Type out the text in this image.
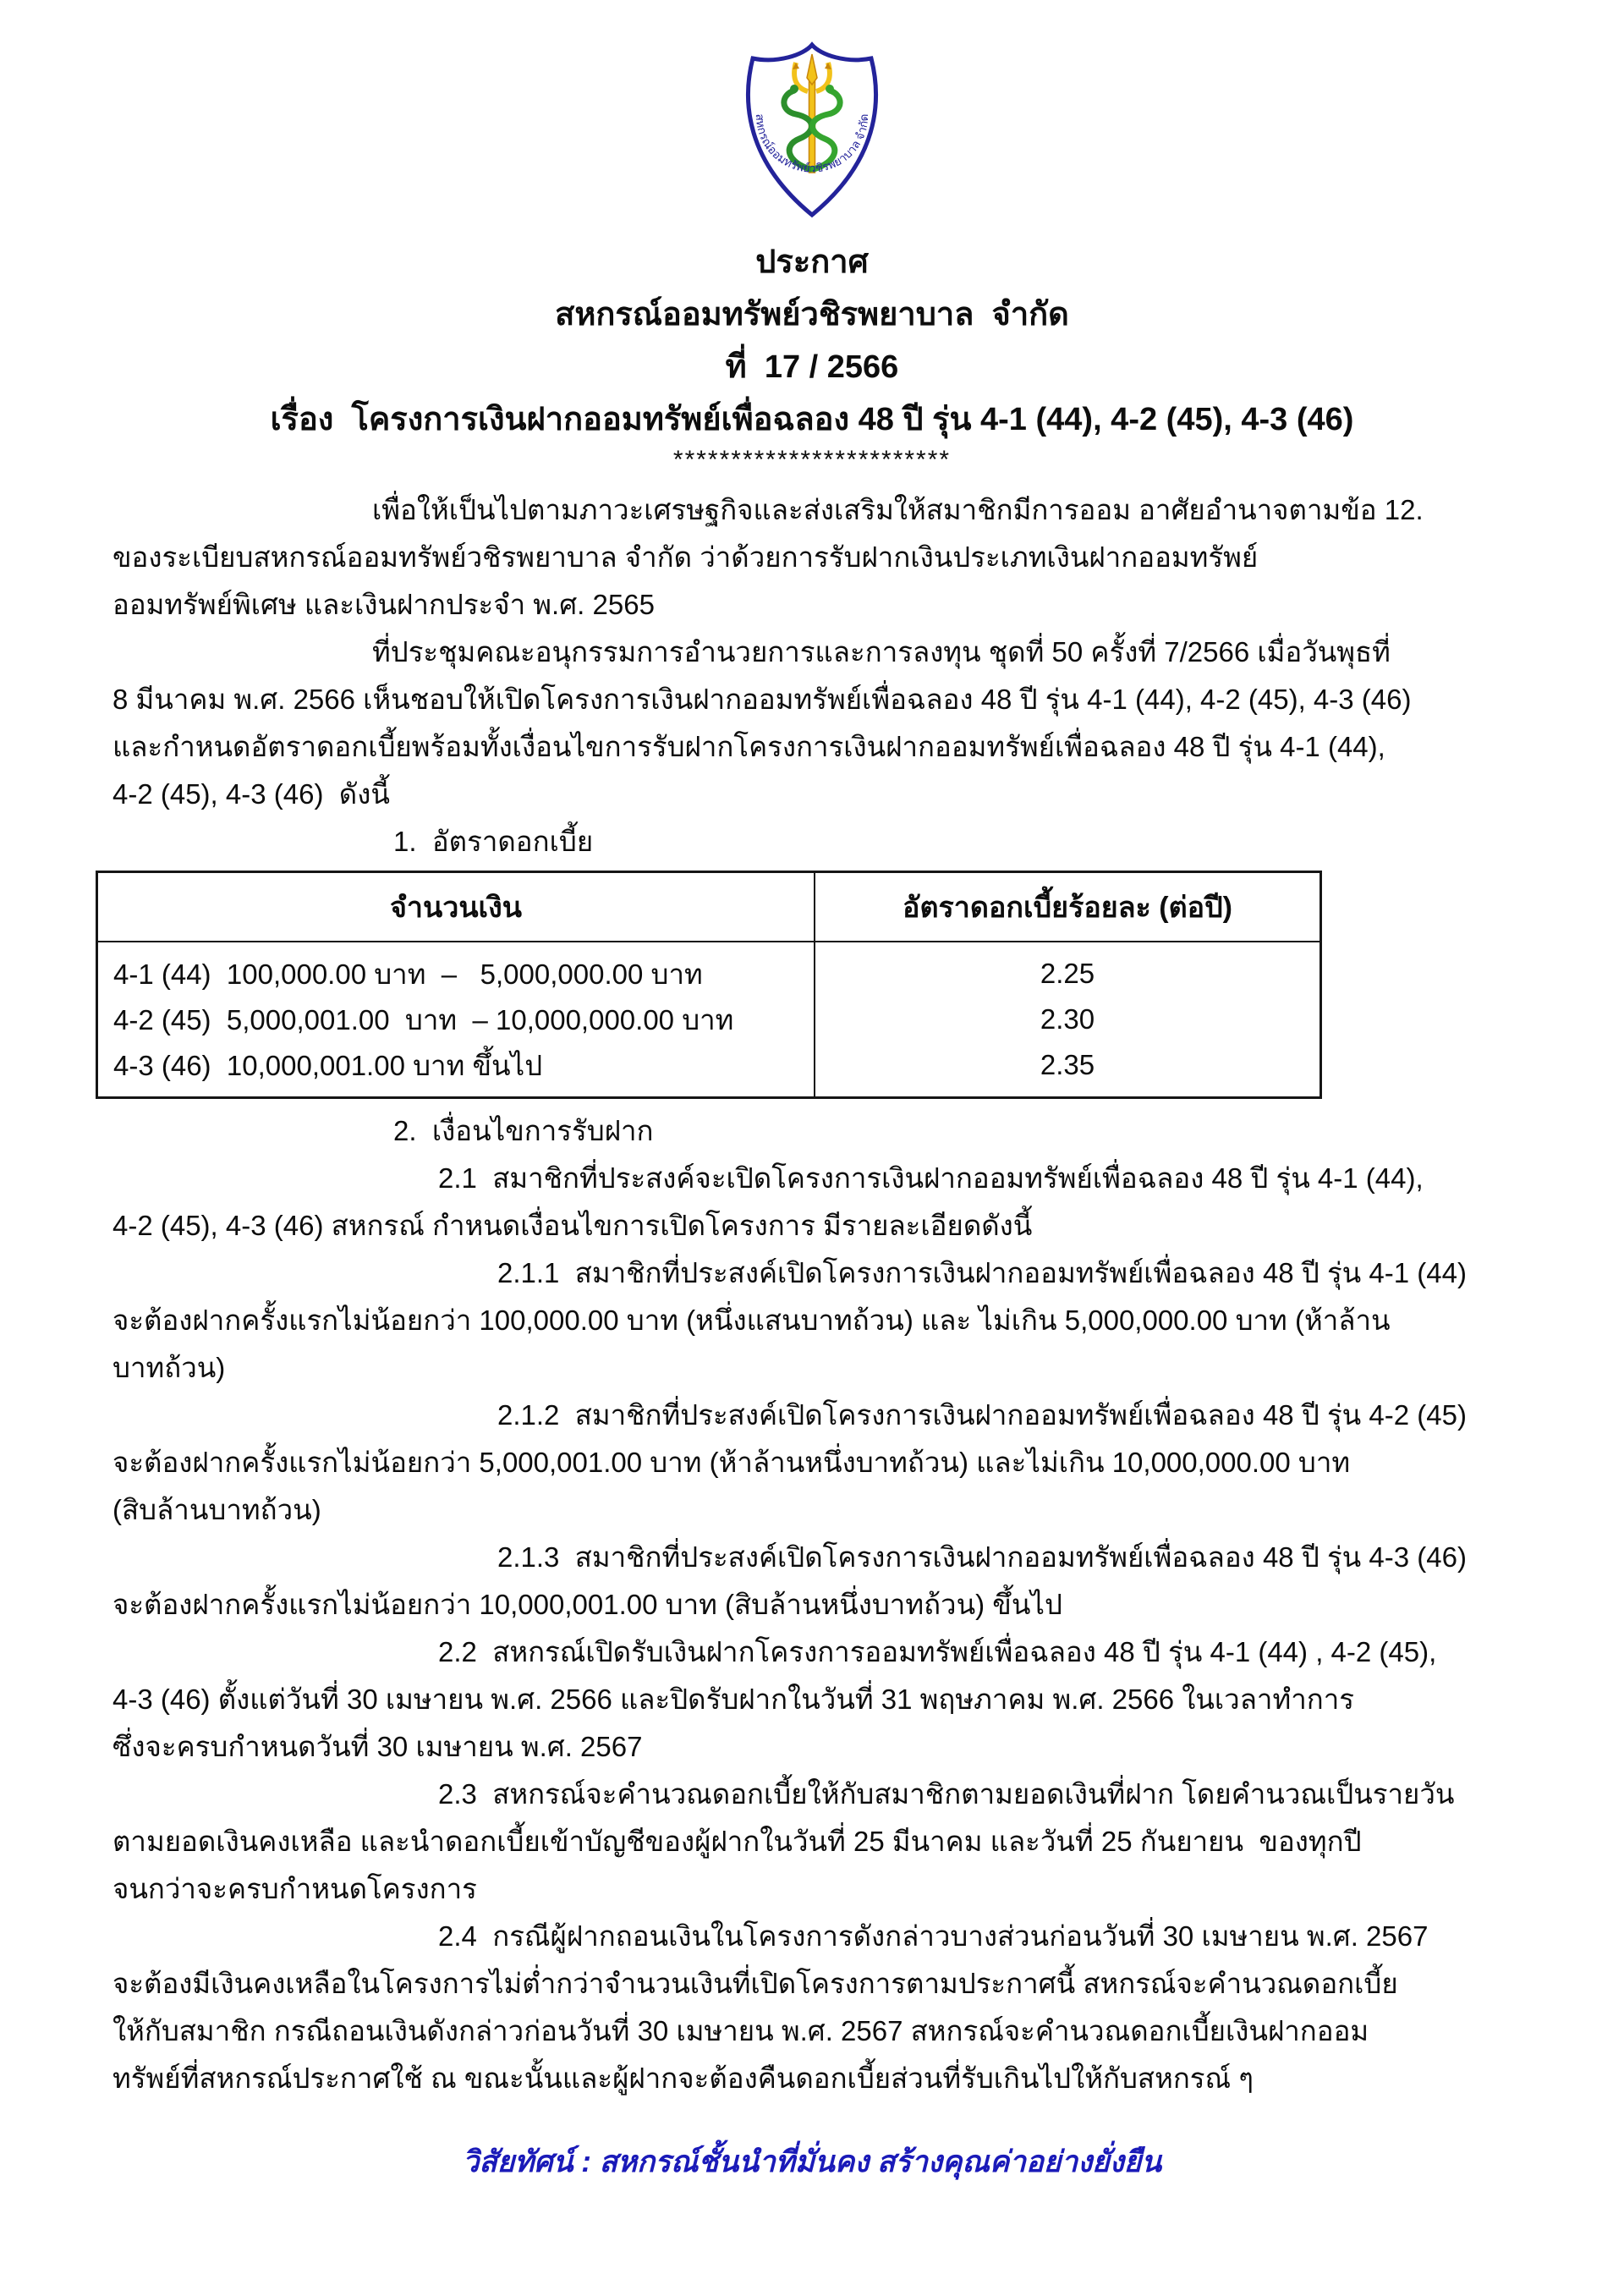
สหกรณ์ออมทรัพย์วชิรพยาบาล จำกัด
ประกาศ
สหกรณ์ออมทรัพย์วชิรพยาบาล  จำกัด
ที่  17 / 2566
เรื่อง  โครงการเงินฝากออมทรัพย์เพื่อฉลอง 48 ปี รุ่น 4-1 (44), 4-2 (45), 4-3 (46)
************************
เพื่อให้เป็นไปตามภาวะเศรษฐกิจและส่งเสริมให้สมาชิกมีการออม อาศัยอำนาจตามข้อ 12.
ของระเบียบสหกรณ์ออมทรัพย์วชิรพยาบาล จำกัด ว่าด้วยการรับฝากเงินประเภทเงินฝากออมทรัพย์
ออมทรัพย์พิเศษ และเงินฝากประจำ พ.ศ. 2565
ที่ประชุมคณะอนุกรรมการอำนวยการและการลงทุน ชุดที่ 50 ครั้งที่ 7/2566 เมื่อวันพุธที่
8 มีนาคม พ.ศ. 2566 เห็นชอบให้เปิดโครงการเงินฝากออมทรัพย์เพื่อฉลอง 48 ปี รุ่น 4-1 (44), 4-2 (45), 4-3 (46)
และกำหนดอัตราดอกเบี้ยพร้อมทั้งเงื่อนไขการรับฝากโครงการเงินฝากออมทรัพย์เพื่อฉลอง 48 ปี รุ่น 4-1 (44),
4-2 (45), 4-3 (46)  ดังนี้
1.  อัตราดอกเบี้ย
จำนวนเงิน	อัตราดอกเบี้ยร้อยละ (ต่อปี)
4-1 (44)  100,000.00 บาท  –   5,000,000.00 บาท	2.25
4-2 (45)  5,000,001.00  บาท  – 10,000,000.00 บาท	2.30
4-3 (46)  10,000,001.00 บาท ขึ้นไป	2.35
2.  เงื่อนไขการรับฝาก
2.1  สมาชิกที่ประสงค์จะเปิดโครงการเงินฝากออมทรัพย์เพื่อฉลอง 48 ปี รุ่น 4-1 (44),
4-2 (45), 4-3 (46) สหกรณ์ กำหนดเงื่อนไขการเปิดโครงการ มีรายละเอียดดังนี้
2.1.1  สมาชิกที่ประสงค์เปิดโครงการเงินฝากออมทรัพย์เพื่อฉลอง 48 ปี รุ่น 4-1 (44)
จะต้องฝากครั้งแรกไม่น้อยกว่า 100,000.00 บาท (หนึ่งแสนบาทถ้วน) และ ไม่เกิน 5,000,000.00 บาท (ห้าล้าน
บาทถ้วน)
2.1.2  สมาชิกที่ประสงค์เปิดโครงการเงินฝากออมทรัพย์เพื่อฉลอง 48 ปี รุ่น 4-2 (45)
จะต้องฝากครั้งแรกไม่น้อยกว่า 5,000,001.00 บาท (ห้าล้านหนึ่งบาทถ้วน) และไม่เกิน 10,000,000.00 บาท
(สิบล้านบาทถ้วน)
2.1.3  สมาชิกที่ประสงค์เปิดโครงการเงินฝากออมทรัพย์เพื่อฉลอง 48 ปี รุ่น 4-3 (46)
จะต้องฝากครั้งแรกไม่น้อยกว่า 10,000,001.00 บาท (สิบล้านหนึ่งบาทถ้วน) ขึ้นไป
2.2  สหกรณ์เปิดรับเงินฝากโครงการออมทรัพย์เพื่อฉลอง 48 ปี รุ่น 4-1 (44) , 4-2 (45),
4-3 (46) ตั้งแต่วันที่ 30 เมษายน พ.ศ. 2566 และปิดรับฝากในวันที่ 31 พฤษภาคม พ.ศ. 2566 ในเวลาทำการ
ซึ่งจะครบกำหนดวันที่ 30 เมษายน พ.ศ. 2567
2.3  สหกรณ์จะคำนวณดอกเบี้ยให้กับสมาชิกตามยอดเงินที่ฝาก โดยคำนวณเป็นรายวัน
ตามยอดเงินคงเหลือ และนำดอกเบี้ยเข้าบัญชีของผู้ฝากในวันที่ 25 มีนาคม และวันที่ 25 กันยายน  ของทุกปี
จนกว่าจะครบกำหนดโครงการ
2.4  กรณีผู้ฝากถอนเงินในโครงการดังกล่าวบางส่วนก่อนวันที่ 30 เมษายน พ.ศ. 2567
จะต้องมีเงินคงเหลือในโครงการไม่ต่ำกว่าจำนวนเงินที่เปิดโครงการตามประกาศนี้ สหกรณ์จะคำนวณดอกเบี้ย
ให้กับสมาชิก กรณีถอนเงินดังกล่าวก่อนวันที่ 30 เมษายน พ.ศ. 2567 สหกรณ์จะคำนวณดอกเบี้ยเงินฝากออม
ทรัพย์ที่สหกรณ์ประกาศใช้ ณ ขณะนั้นและผู้ฝากจะต้องคืนดอกเบี้ยส่วนที่รับเกินไปให้กับสหกรณ์ ๆ
วิสัยทัศน์ : สหกรณ์ชั้นนำที่มั่นคง สร้างคุณค่าอย่างยั่งยืน
